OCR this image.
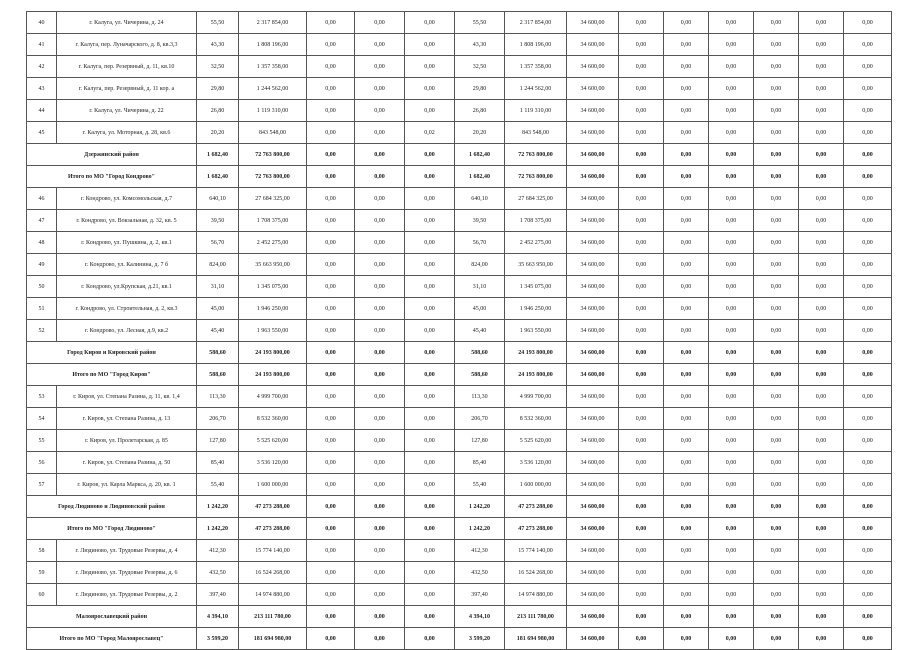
40	г. Калуга, ул. Чичерина, д. 24	55,50	2 317 854,00	0,00	0,00	0,00	55,50	2 317 854,00	34 600,00	0,00	0,00	0,00	0,00	0,00	0,00
41	г. Калуга, пер. Луначарского, д. 8, кв.3,3	43,30	1 808 196,00	0,00	0,00	0,00	43,30	1 808 196,00	34 600,00	0,00	0,00	0,00	0,00	0,00	0,00
42	г. Калуга, пер. Резервный, д. 11, кв.10	32,50	1 357 358,00	0,00	0,00	0,00	32,50	1 357 358,00	34 600,00	0,00	0,00	0,00	0,00	0,00	0,00
43	г. Калуга, пер. Резервный, д. 11 кор. а	29,80	1 244 562,00	0,00	0,00	0,00	29,80	1 244 562,00	34 600,00	0,00	0,00	0,00	0,00	0,00	0,00
44	г. Калуга, ул. Чичерина, д. 22	26,80	1 119 310,00	0,00	0,00	0,00	26,80	1 119 310,00	34 600,00	0,00	0,00	0,00	0,00	0,00	0,00
45	г. Калуга, ул. Моторная, д. 28, кв.6	20,20	843 548,00	0,00	0,00	0,02	20,20	843 548,00	34 600,00	0,00	0,00	0,00	0,00	0,00	0,00
Дзержинский район		1 682,40	72 763 800,00	0,00	0,00	0,00	1 682,40	72 763 800,00	34 600,00	0,00	0,00	0,00	0,00	0,00	0,00
Итого по МО "Город Кондрово"		1 682,40	72 763 800,00	0,00	0,00	0,00	1 682,40	72 763 800,00	34 600,00	0,00	0,00	0,00	0,00	0,00	0,00
46	г. Кондрово, ул. Комсомольская, д.7	640,10	27 684 325,00	0,00	0,00	0,00	640,10	27 684 325,00	34 600,00	0,00	0,00	0,00	0,00	0,00	0,00
47	г. Кондрово, ул. Вокзальная, д. 32, кв. 5	39,50	1 708 375,00	0,00	0,00	0,00	39,50	1 708 375,00	34 600,00	0,00	0,00	0,00	0,00	0,00	0,00
48	г. Кондрово, ул. Пушкина, д. 2, кв.1	56,70	2 452 275,00	0,00	0,00	0,00	56,70	2 452 275,00	34 600,00	0,00	0,00	0,00	0,00	0,00	0,00
49	г. Кондрово, ул. Калинина, д. 7 б	824,00	35 663 950,00	0,00	0,00	0,00	824,00	35 663 950,00	34 600,00	0,00	0,00	0,00	0,00	0,00	0,00
50	г. Кондрово, ул.Крупская, д.21, кв.1	31,10	1 345 075,00	0,00	0,00	0,00	31,10	1 345 075,00	34 600,00	0,00	0,00	0,00	0,00	0,00	0,00
51	г. Кондрово, ул. Строительная, д. 2, кв.3	45,00	1 946 250,00	0,00	0,00	0,00	45,00	1 946 250,00	34 600,00	0,00	0,00	0,00	0,00	0,00	0,00
52	г. Кондрово, ул. Лесная, д.9, кв.2	45,40	1 963 550,00	0,00	0,00	0,00	45,40	1 963 550,00	34 600,00	0,00	0,00	0,00	0,00	0,00	0,00
Город Киров и Кировский район		588,60	24 193 800,00	0,00	0,00	0,00	588,60	24 193 800,00	34 600,00	0,00	0,00	0,00	0,00	0,00	0,00
Итого по МО "Город Киров"		588,60	24 193 800,00	0,00	0,00	0,00	588,60	24 193 800,00	34 600,00	0,00	0,00	0,00	0,00	0,00	0,00
53	г. Киров, ул. Степана Разина, д. 11, кв. 1,4	113,30	4 999 700,00	0,00	0,00	0,00	113,30	4 999 700,00	34 600,00	0,00	0,00	0,00	0,00	0,00	0,00
54	г. Киров, ул. Степана Разина, д. 13	206,70	8 532 360,00	0,00	0,00	0,00	206,70	8 532 360,00	34 600,00	0,00	0,00	0,00	0,00	0,00	0,00
55	г. Киров, ул. Пролетарская, д. 85	127,80	5 525 620,00	0,00	0,00	0,00	127,80	5 525 620,00	34 600,00	0,00	0,00	0,00	0,00	0,00	0,00
56	г. Киров, ул. Степана Разина, д. 50	85,40	3 536 120,00	0,00	0,00	0,00	85,40	3 536 120,00	34 600,00	0,00	0,00	0,00	0,00	0,00	0,00
57	г. Киров, ул. Карла Маркса, д. 20, кв. 1	55,40	1 600 000,00	0,00	0,00	0,00	55,40	1 600 000,00	34 600,00	0,00	0,00	0,00	0,00	0,00	0,00
Город Людиново и Людиновский район		1 242,20	47 273 288,00	0,00	0,00	0,00	1 242,20	47 273 288,00	34 600,00	0,00	0,00	0,00	0,00	0,00	0,00
Итого по МО "Город Людиново"		1 242,20	47 273 288,00	0,00	0,00	0,00	1 242,20	47 273 288,00	34 600,00	0,00	0,00	0,00	0,00	0,00	0,00
58	г. Людиново, ул. Трудовые Резервы, д. 4	412,30	15 774 140,00	0,00	0,00	0,00	412,30	15 774 140,00	34 600,00	0,00	0,00	0,00	0,00	0,00	0,00
59	г. Людиново, ул. Трудовые Резервы, д. 6	432,50	16 524 268,00	0,00	0,00	0,00	432,50	16 524 268,00	34 600,00	0,00	0,00	0,00	0,00	0,00	0,00
60	г. Людиново, ул. Трудовые Резервы, д. 2	397,40	14 974 880,00	0,00	0,00	0,00	397,40	14 974 880,00	34 600,00	0,00	0,00	0,00	0,00	0,00	0,00
Малоярославецкий район		4 394,10	213 111 780,00	0,00	0,00	0,00	4 394,10	213 111 780,00	34 600,00	0,00	0,00	0,00	0,00	0,00	0,00
Итого по МО "Город Малоярославец"		3 599,20	181 694 980,00	0,00	0,00	0,00	3 599,20	181 694 980,00	34 600,00	0,00	0,00	0,00	0,00	0,00	0,00
